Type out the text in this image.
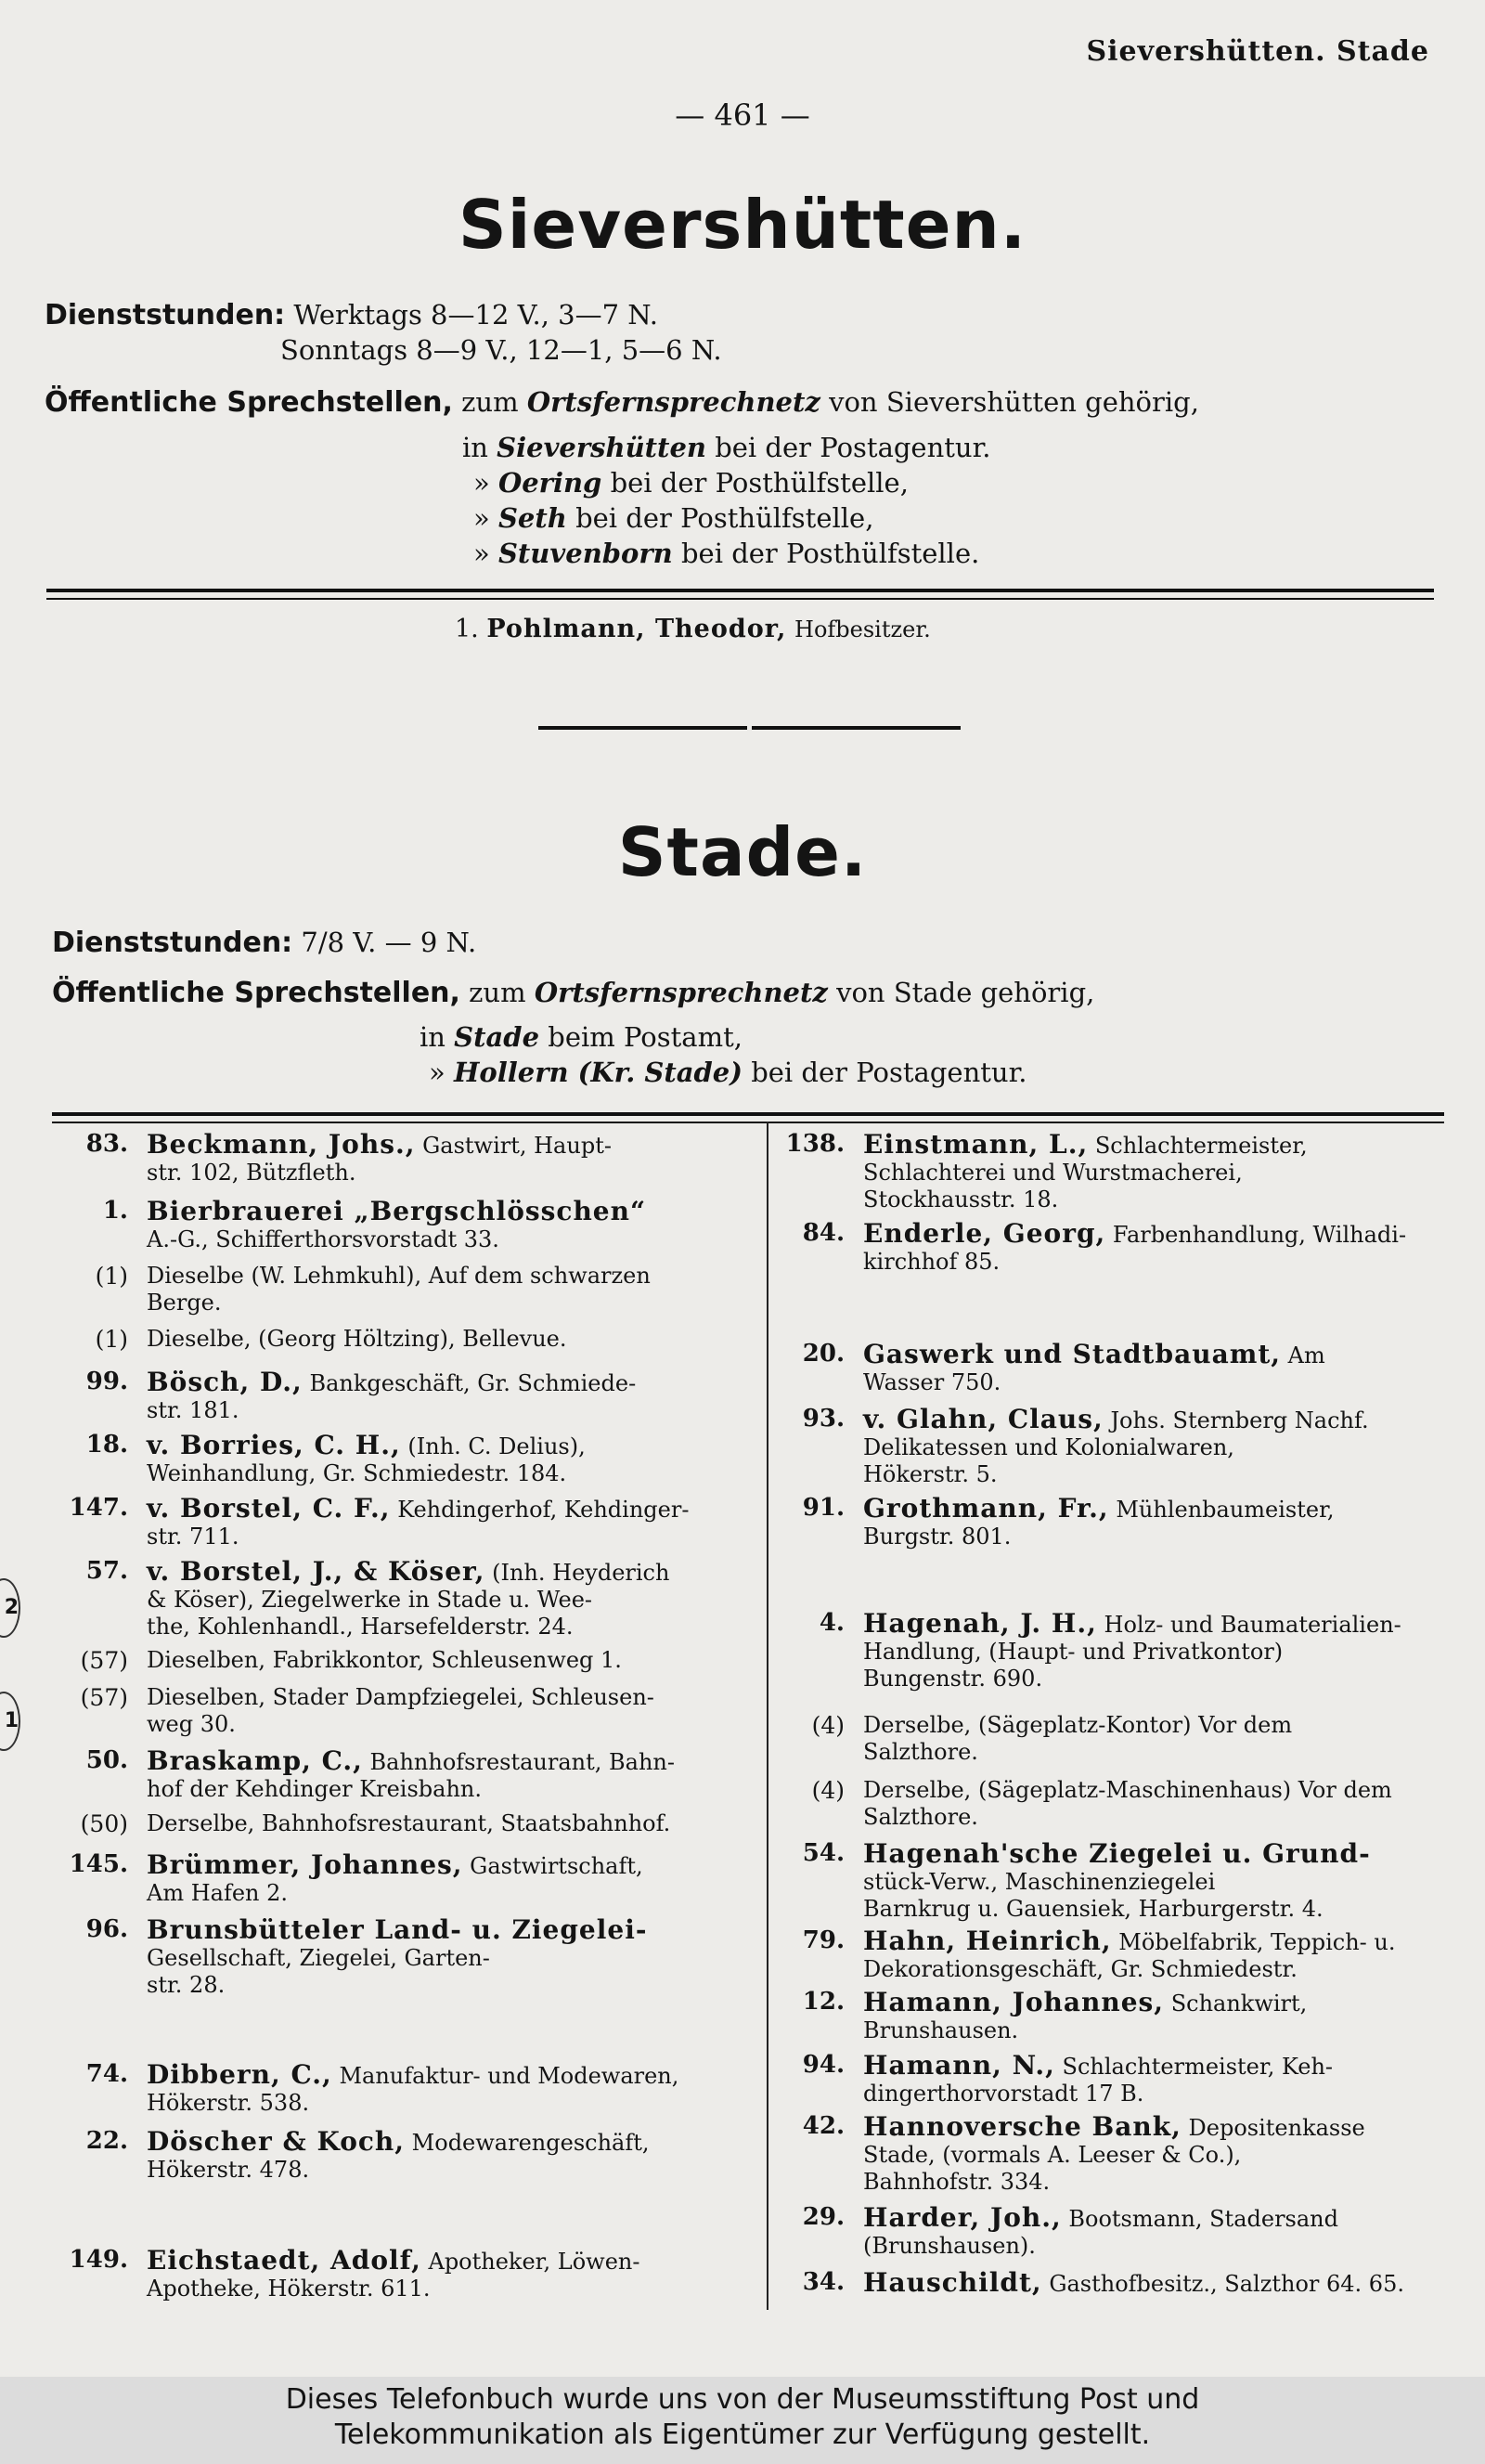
Sievershütten. Stade
— 461 —
Sievershütten.
Dienststunden: Werktags 8—12 V., 3—7 N.
Sonntags 8—9 V., 12—1, 5—6 N.
Öffentliche Sprechstellen, zum Ortsfernsprechnetz von Sievershütten gehörig,
in Sievershütten bei der Postagentur.
» Oering bei der Posthülfstelle,
» Seth bei der Posthülfstelle,
» Stuvenborn bei der Posthülfstelle.
1. Pohlmann, Theodor, Hofbesitzer.
Stade.
Dienststunden: 7/8 V. — 9 N.
Öffentliche Sprechstellen, zum Ortsfernsprechnetz von Stade gehörig,
in Stade beim Postamt,
» Hollern (Kr. Stade) bei der Postagentur.
83. Beckmann, Johs., Gastwirt, Haupt-
str. 102, Bützfleth.
1. Bierbrauerei „Bergschlösschen“
A.-G., Schifferthorsvorstadt 33.
(1) Dieselbe (W. Lehmkuhl), Auf dem schwarzen
Berge.
(1) Dieselbe, (Georg Höltzing), Bellevue.
99. Bösch, D., Bankgeschäft, Gr. Schmiede-
str. 181.
18. v. Borries, C. H., (Inh. C. Delius),
Weinhandlung, Gr. Schmiedestr. 184.
147. v. Borstel, C. F., Kehdingerhof, Kehdinger-
str. 711.
57. v. Borstel, J., & Köser, (Inh. Heyderich
& Köser), Ziegelwerke in Stade u. Wee-
the, Kohlenhandl., Harsefelderstr. 24.
(57) Dieselben, Fabrikkontor, Schleusenweg 1.
(57) Dieselben, Stader Dampfziegelei, Schleusen-
weg 30.
50. Braskamp, C., Bahnhofsrestaurant, Bahn-
hof der Kehdinger Kreisbahn.
(50) Derselbe, Bahnhofsrestaurant, Staatsbahnhof.
145. Brümmer, Johannes, Gastwirtschaft,
Am Hafen 2.
96. Brunsbütteler Land- u. Ziegelei-
Gesellschaft, Ziegelei, Garten-
str. 28.
74. Dibbern, C., Manufaktur- und Modewaren,
Hökerstr. 538.
22. Döscher & Koch, Modewarengeschäft,
Hökerstr. 478.
149. Eichstaedt, Adolf, Apotheker, Löwen-
Apotheke, Hökerstr. 611.
138. Einstmann, L., Schlachtermeister,
Schlachterei und Wurstmacherei,
Stockhausstr. 18.
84. Enderle, Georg, Farbenhandlung, Wilhadi-
kirchhof 85.
20. Gaswerk und Stadtbauamt, Am
Wasser 750.
93. v. Glahn, Claus, Johs. Sternberg Nachf.
Delikatessen und Kolonialwaren,
Hökerstr. 5.
91. Grothmann, Fr., Mühlenbaumeister,
Burgstr. 801.
4. Hagenah, J. H., Holz- und Baumaterialien-
Handlung, (Haupt- und Privatkontor)
Bungenstr. 690.
(4) Derselbe, (Sägeplatz-Kontor) Vor dem
Salzthore.
(4) Derselbe, (Sägeplatz-Maschinenhaus) Vor dem
Salzthore.
54. Hagenah'sche Ziegelei u. Grund-
stück-Verw., Maschinenziegelei
Barnkrug u. Gauensiek, Harburgerstr. 4.
79. Hahn, Heinrich, Möbelfabrik, Teppich- u.
Dekorationsgeschäft, Gr. Schmiedestr.
12. Hamann, Johannes, Schankwirt,
Brunshausen.
94. Hamann, N., Schlachtermeister, Keh-
dingerthorvorstadt 17 B.
42. Hannoversche Bank, Depositenkasse
Stade, (vormals A. Leeser & Co.),
Bahnhofstr. 334.
29. Harder, Joh., Bootsmann, Stadersand
(Brunshausen).
34. Hauschildt, Gasthofbesitz., Salzthor 64. 65.
2
1
Dieses Telefonbuch wurde uns von der Museumsstiftung Post und
Telekommunikation als Eigentümer zur Verfügung gestellt.
